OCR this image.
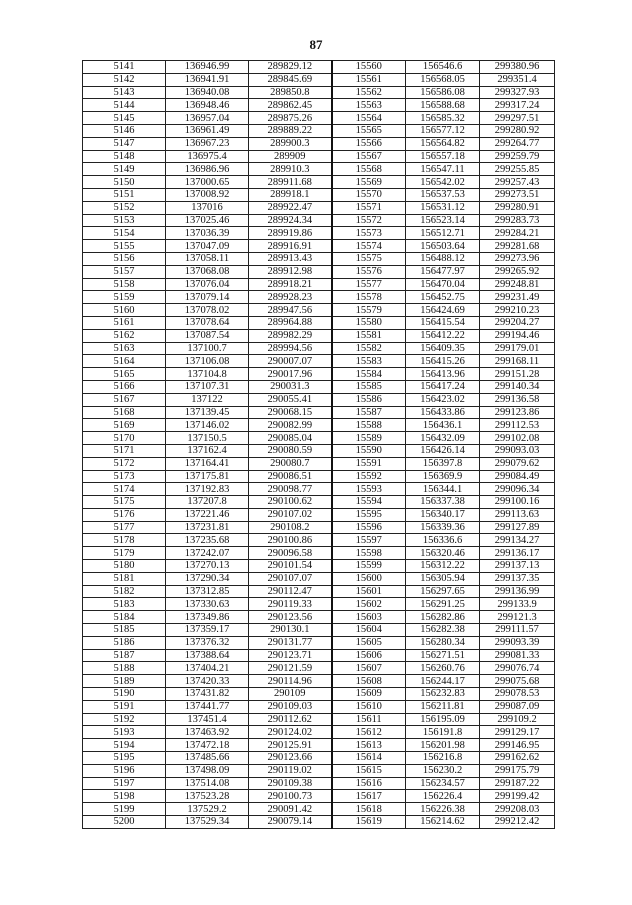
87
5141	136946.99	289829.12	15560	156546.6	299380.96
5142	136941.91	289845.69	15561	156568.05	299351.4
5143	136940.08	289850.8	15562	156586.08	299327.93
5144	136948.46	289862.45	15563	156588.68	299317.24
5145	136957.04	289875.26	15564	156585.32	299297.51
5146	136961.49	289889.22	15565	156577.12	299280.92
5147	136967.23	289900.3	15566	156564.82	299264.77
5148	136975.4	289909	15567	156557.18	299259.79
5149	136986.96	289910.3	15568	156547.11	299255.85
5150	137000.65	289911.68	15569	156542.02	299257.43
5151	137008.92	289918.1	15570	156537.53	299273.51
5152	137016	289922.47	15571	156531.12	299280.91
5153	137025.46	289924.34	15572	156523.14	299283.73
5154	137036.39	289919.86	15573	156512.71	299284.21
5155	137047.09	289916.91	15574	156503.64	299281.68
5156	137058.11	289913.43	15575	156488.12	299273.96
5157	137068.08	289912.98	15576	156477.97	299265.92
5158	137076.04	289918.21	15577	156470.04	299248.81
5159	137079.14	289928.23	15578	156452.75	299231.49
5160	137078.02	289947.56	15579	156424.69	299210.23
5161	137078.64	289964.88	15580	156415.54	299204.27
5162	137087.54	289982.29	15581	156412.22	299194.46
5163	137100.7	289994.56	15582	156409.35	299179.01
5164	137106.08	290007.07	15583	156415.26	299168.11
5165	137104.8	290017.96	15584	156413.96	299151.28
5166	137107.31	290031.3	15585	156417.24	299140.34
5167	137122	290055.41	15586	156423.02	299136.58
5168	137139.45	290068.15	15587	156433.86	299123.86
5169	137146.02	290082.99	15588	156436.1	299112.53
5170	137150.5	290085.04	15589	156432.09	299102.08
5171	137162.4	290080.59	15590	156426.14	299093.03
5172	137164.41	290080.7	15591	156397.8	299079.62
5173	137175.81	290086.51	15592	156369.9	299084.49
5174	137192.83	290098.77	15593	156344.1	299096.34
5175	137207.8	290100.62	15594	156337.38	299100.16
5176	137221.46	290107.02	15595	156340.17	299113.63
5177	137231.81	290108.2	15596	156339.36	299127.89
5178	137235.68	290100.86	15597	156336.6	299134.27
5179	137242.07	290096.58	15598	156320.46	299136.17
5180	137270.13	290101.54	15599	156312.22	299137.13
5181	137290.34	290107.07	15600	156305.94	299137.35
5182	137312.85	290112.47	15601	156297.65	299136.99
5183	137330.63	290119.33	15602	156291.25	299133.9
5184	137349.86	290123.56	15603	156282.86	299121.3
5185	137359.17	290130.1	15604	156282.38	299111.57
5186	137376.32	290131.77	15605	156280.34	299093.39
5187	137388.64	290123.71	15606	156271.51	299081.33
5188	137404.21	290121.59	15607	156260.76	299076.74
5189	137420.33	290114.96	15608	156244.17	299075.68
5190	137431.82	290109	15609	156232.83	299078.53
5191	137441.77	290109.03	15610	156211.81	299087.09
5192	137451.4	290112.62	15611	156195.09	299109.2
5193	137463.92	290124.02	15612	156191.8	299129.17
5194	137472.18	290125.91	15613	156201.98	299146.95
5195	137485.66	290123.66	15614	156216.8	299162.62
5196	137498.09	290119.02	15615	156230.2	299175.79
5197	137514.08	290109.38	15616	156234.57	299187.22
5198	137523.28	290100.73	15617	156226.4	299199.42
5199	137529.2	290091.42	15618	156226.38	299208.03
5200	137529.34	290079.14	15619	156214.62	299212.42
